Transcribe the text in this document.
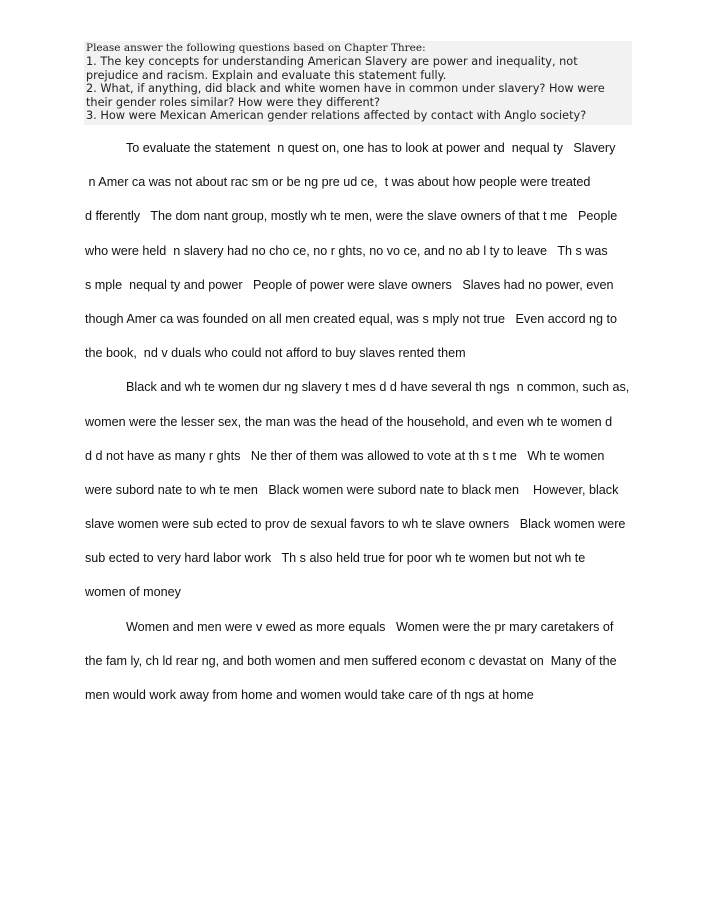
Please answer the following questions based on Chapter Three:
1. The key concepts for understanding American Slavery are power and inequality, not
prejudice and racism. Explain and evaluate this statement fully.
2. What, if anything, did black and white women have in common under slavery? How were
their gender roles similar? How were they different?
3. How were Mexican American gender relations affected by contact with Anglo society?
To evaluate the statement  n quest on, one has to look at power and  nequal ty   Slavery
n Amer ca was not about rac sm or be ng pre ud ce,  t was about how people were treated
d fferently   The dom nant group, mostly wh te men, were the slave owners of that t me   People
who were held  n slavery had no cho ce, no r ghts, no vo ce, and no ab l ty to leave   Th s was
s mple  nequal ty and power   People of power were slave owners   Slaves had no power, even
though Amer ca was founded on all men created equal, was s mply not true   Even accord ng to
the book,  nd v duals who could not afford to buy slaves rented them
Black and wh te women dur ng slavery t mes d d have several th ngs  n common, such as,
women were the lesser sex, the man was the head of the household, and even wh te women d
d d not have as many r ghts   Ne ther of them was allowed to vote at th s t me   Wh te women
were subord nate to wh te men   Black women were subord nate to black men    However, black
slave women were sub ected to prov de sexual favors to wh te slave owners   Black women were
sub ected to very hard labor work   Th s also held true for poor wh te women but not wh te
women of money
Women and men were v ewed as more equals   Women were the pr mary caretakers of
the fam ly, ch ld rear ng, and both women and men suffered econom c devastat on  Many of the
men would work away from home and women would take care of th ngs at home
